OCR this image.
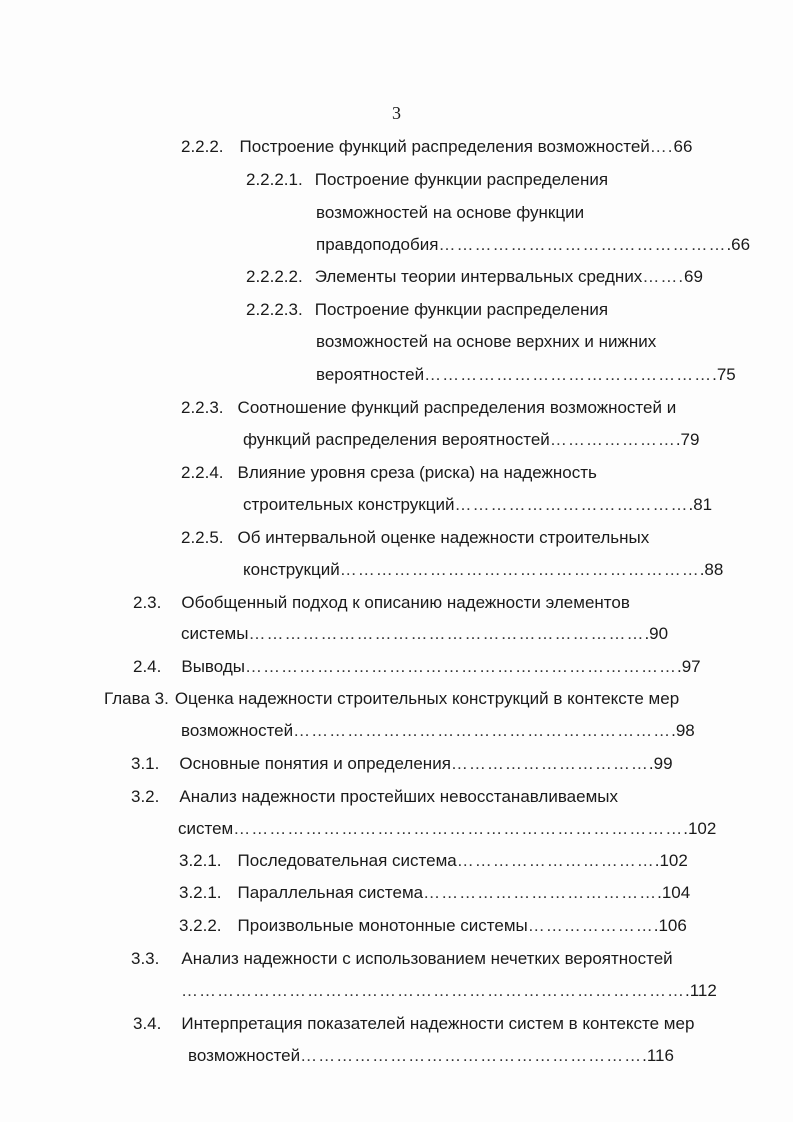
3
2.2.2. Построение функций распределения возможностей….66
2.2.2.1. Построение функции распределения
возможностей на основе функции
правдоподобия………………………………………….66
2.2.2.2. Элементы теории интервальных средних…….69
2.2.2.3. Построение функции распределения
возможностей на основе верхних и нижних
вероятностей………………………………………….75
2.2.3. Соотношение функций распределения возможностей и
функций распределения вероятностей………………….79
2.2.4. Влияние уровня среза (риска) на надежность
строительных конструкций………………………………….81
2.2.5. Об интервальной оценке надежности строительных
конструкций…………………………………………………….88
2.3. Обобщенный подход к описанию надежности элементов
системы………………………………………………………….90
2.4. Выводы……………………………………………………………….97
Глава 3. Оценка надежности строительных конструкций в контексте мер
возможностей……………………………………………………….98
3.1. Основные понятия и определения…………………………….99
3.2. Анализ надежности простейших невосстанавливаемых
систем………………………………………………………………….102
3.2.1. Последовательная система…………………………….102
3.2.1. Параллельная система………………………………….104
3.2.2. Произвольные монотонные системы………………….106
3.3. Анализ надежности с использованием нечетких вероятностей
………………………………………………………………………….112
3.4. Интерпретация показателей надежности систем в контексте мер
возможностей………………………………………………….116
